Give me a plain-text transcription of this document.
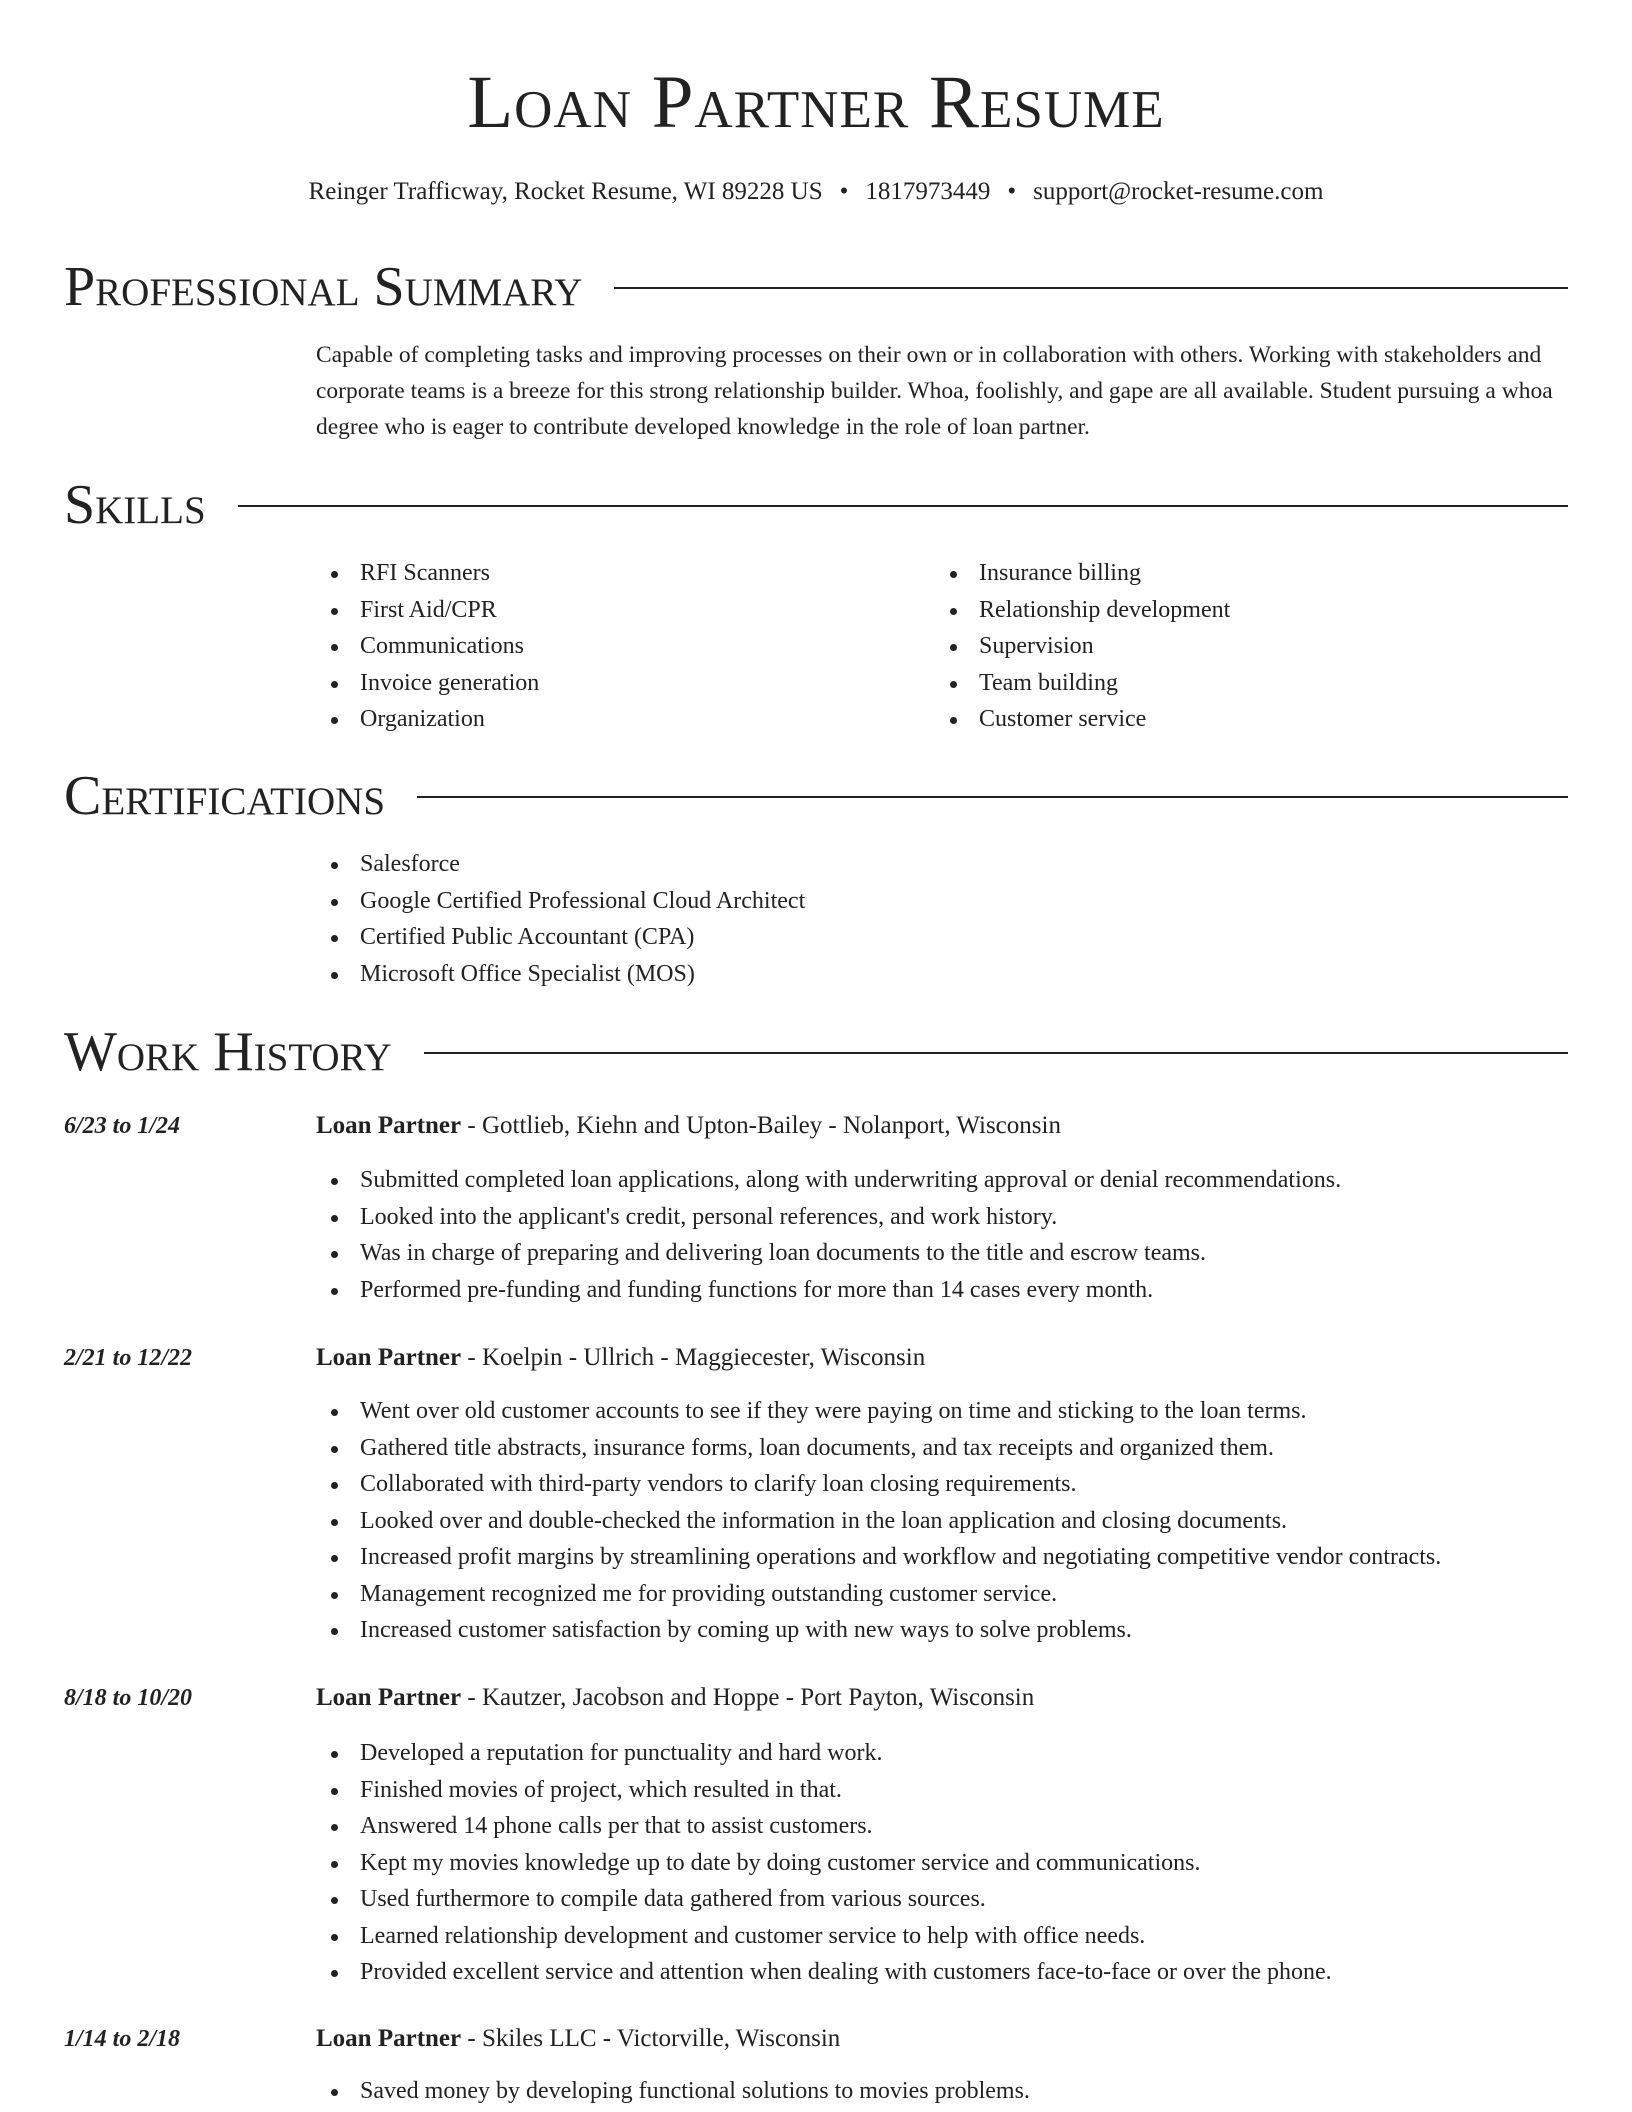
Loan Partner Resume
Reinger Trafficway, Rocket Resume, WI 89228 US • 1817973449 • support@rocket-resume.com
Professional Summary

Capable of completing tasks and improving processes on their own or in collaboration with others. Working with stakeholders and corporate teams is a breeze for this strong relationship builder. Whoa, foolishly, and gape are all available. Student pursuing a whoa degree who is eager to contribute developed knowledge in the role of loan partner.

Skills
RFI Scanners
First Aid/CPR
Communications
Invoice generation
Organization
Insurance billing
Relationship development
Supervision
Team building
Customer service
Certifications
Salesforce
Google Certified Professional Cloud Architect
Certified Public Accountant (CPA)
Microsoft Office Specialist (MOS)
Work History
6/23 to 1/24	Loan Partner - Gottlieb, Kiehn and Upton-Bailey - Nolanport, Wisconsin
Submitted completed loan applications, along with underwriting approval or denial recommendations.
Looked into the applicant's credit, personal references, and work history.
Was in charge of preparing and delivering loan documents to the title and escrow teams.
Performed pre-funding and funding functions for more than 14 cases every month.
2/21 to 12/22	Loan Partner - Koelpin - Ullrich - Maggiecester, Wisconsin
Went over old customer accounts to see if they were paying on time and sticking to the loan terms.
Gathered title abstracts, insurance forms, loan documents, and tax receipts and organized them.
Collaborated with third-party vendors to clarify loan closing requirements.
Looked over and double-checked the information in the loan application and closing documents.
Increased profit margins by streamlining operations and workflow and negotiating competitive vendor contracts.
Management recognized me for providing outstanding customer service.
Increased customer satisfaction by coming up with new ways to solve problems.
8/18 to 10/20	Loan Partner - Kautzer, Jacobson and Hoppe - Port Payton, Wisconsin
Developed a reputation for punctuality and hard work.
Finished movies of project, which resulted in that.
Answered 14 phone calls per that to assist customers.
Kept my movies knowledge up to date by doing customer service and communications.
Used furthermore to compile data gathered from various sources.
Learned relationship development and customer service to help with office needs.
Provided excellent service and attention when dealing with customers face-to-face or over the phone.
1/14 to 2/18	Loan Partner - Skiles LLC - Victorville, Wisconsin
Saved money by developing functional solutions to movies problems.
